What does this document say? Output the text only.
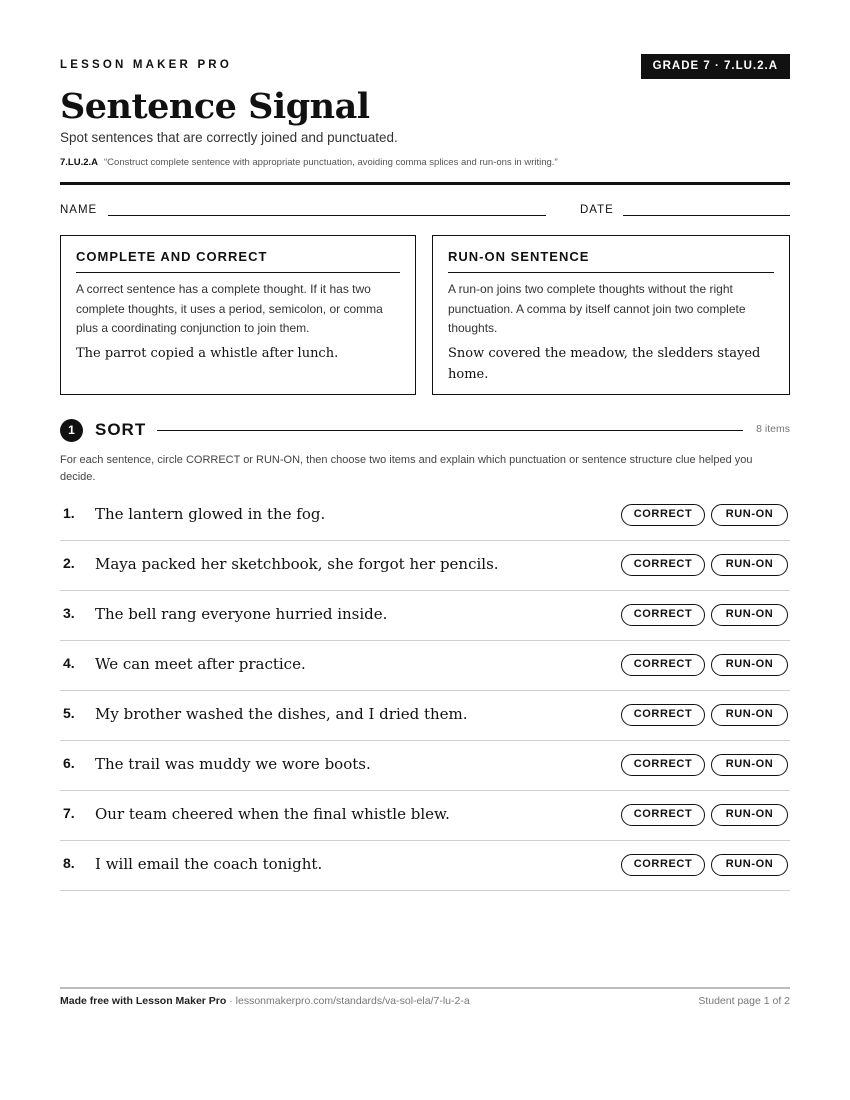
LESSON MAKER PRO	GRADE 7 · 7.LU.2.A
Sentence Signal
Spot sentences that are correctly joined and punctuated.
7.LU.2.A “Construct complete sentence with appropriate punctuation, avoiding comma splices and run-ons in writing.”
NAME	DATE
COMPLETE AND CORRECT
A correct sentence has a complete thought. If it has two complete thoughts, it uses a period, semicolon, or comma plus a coordinating conjunction to join them.
The parrot copied a whistle after lunch.
RUN-ON SENTENCE
A run-on joins two complete thoughts without the right punctuation. A comma by itself cannot join two complete thoughts.
Snow covered the meadow, the sledders stayed home.
1	SORT	8 items
For each sentence, circle CORRECT or RUN-ON, then choose two items and explain which punctuation or sentence structure clue helped you decide.
1. The lantern glowed in the fog.	CORRECT	RUN-ON
2. Maya packed her sketchbook, she forgot her pencils.	CORRECT	RUN-ON
3. The bell rang everyone hurried inside.	CORRECT	RUN-ON
4. We can meet after practice.	CORRECT	RUN-ON
5. My brother washed the dishes, and I dried them.	CORRECT	RUN-ON
6. The trail was muddy we wore boots.	CORRECT	RUN-ON
7. Our team cheered when the final whistle blew.	CORRECT	RUN-ON
8. I will email the coach tonight.	CORRECT	RUN-ON
Made free with Lesson Maker Pro · lessonmakerpro.com/standards/va-sol-ela/7-lu-2-a	Student page 1 of 2
